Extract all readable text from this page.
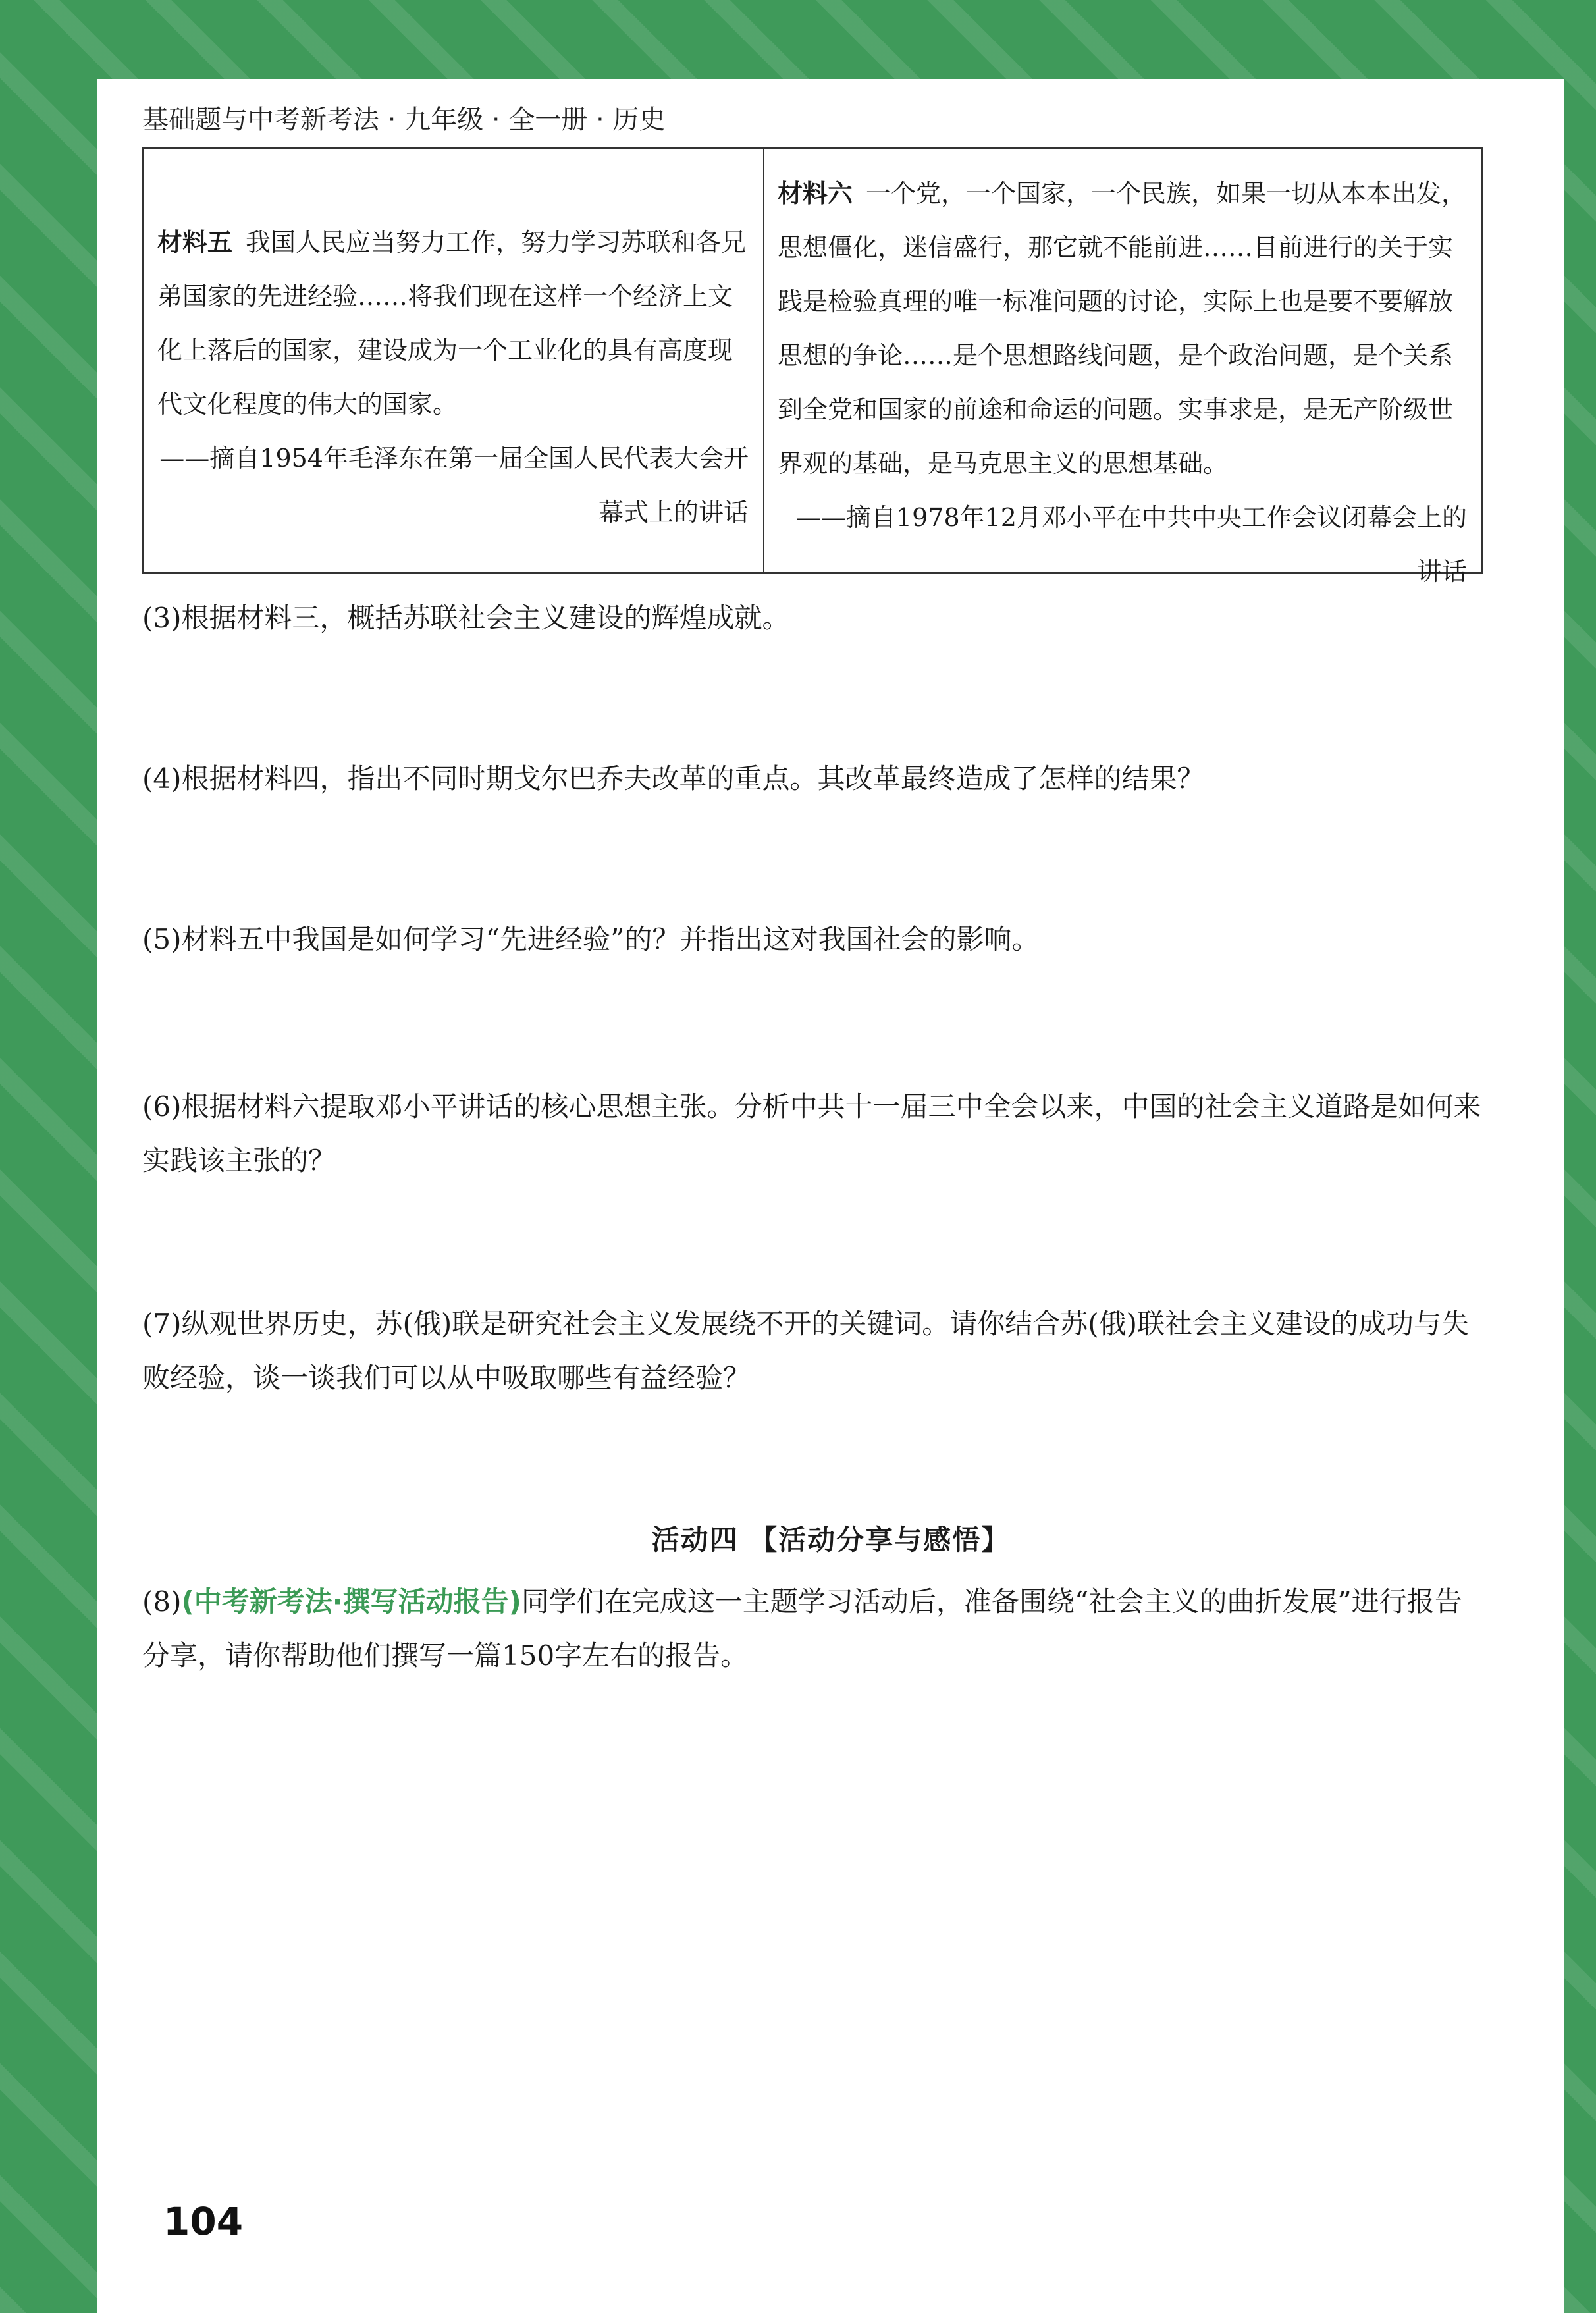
基础题与中考新考法 · 九年级 · 全一册 · 历史
材料五 我国人民应当努力工作，努力学习苏联和各兄弟国家的先进经验……将我们现在这样一个经济上文化上落后的国家，建设成为一个工业化的具有高度现代文化程度的伟大的国家。
——摘自1954年毛泽东在第一届全国人民代表大会开幕式上的讲话
材料六 一个党，一个国家，一个民族，如果一切从本本出发，思想僵化，迷信盛行，那它就不能前进……目前进行的关于实践是检验真理的唯一标准问题的讨论，实际上也是要不要解放思想的争论……是个思想路线问题，是个政治问题，是个关系到全党和国家的前途和命运的问题。实事求是，是无产阶级世界观的基础，是马克思主义的思想基础。
——摘自1978年12月邓小平在中共中央工作会议闭幕会上的讲话
(3)根据材料三，概括苏联社会主义建设的辉煌成就。
(4)根据材料四，指出不同时期戈尔巴乔夫改革的重点。其改革最终造成了怎样的结果？
(5)材料五中我国是如何学习“先进经验”的？并指出这对我国社会的影响。
(6)根据材料六提取邓小平讲话的核心思想主张。分析中共十一届三中全会以来，中国的社会主义道路是如何来实践该主张的？
(7)纵观世界历史，苏(俄)联是研究社会主义发展绕不开的关键词。请你结合苏(俄)联社会主义建设的成功与失败经验，谈一谈我们可以从中吸取哪些有益经验？
活动四 【活动分享与感悟】
(8)(中考新考法·撰写活动报告)同学们在完成这一主题学习活动后，准备围绕“社会主义的曲折发展”进行报告分享，请你帮助他们撰写一篇150字左右的报告。
104
